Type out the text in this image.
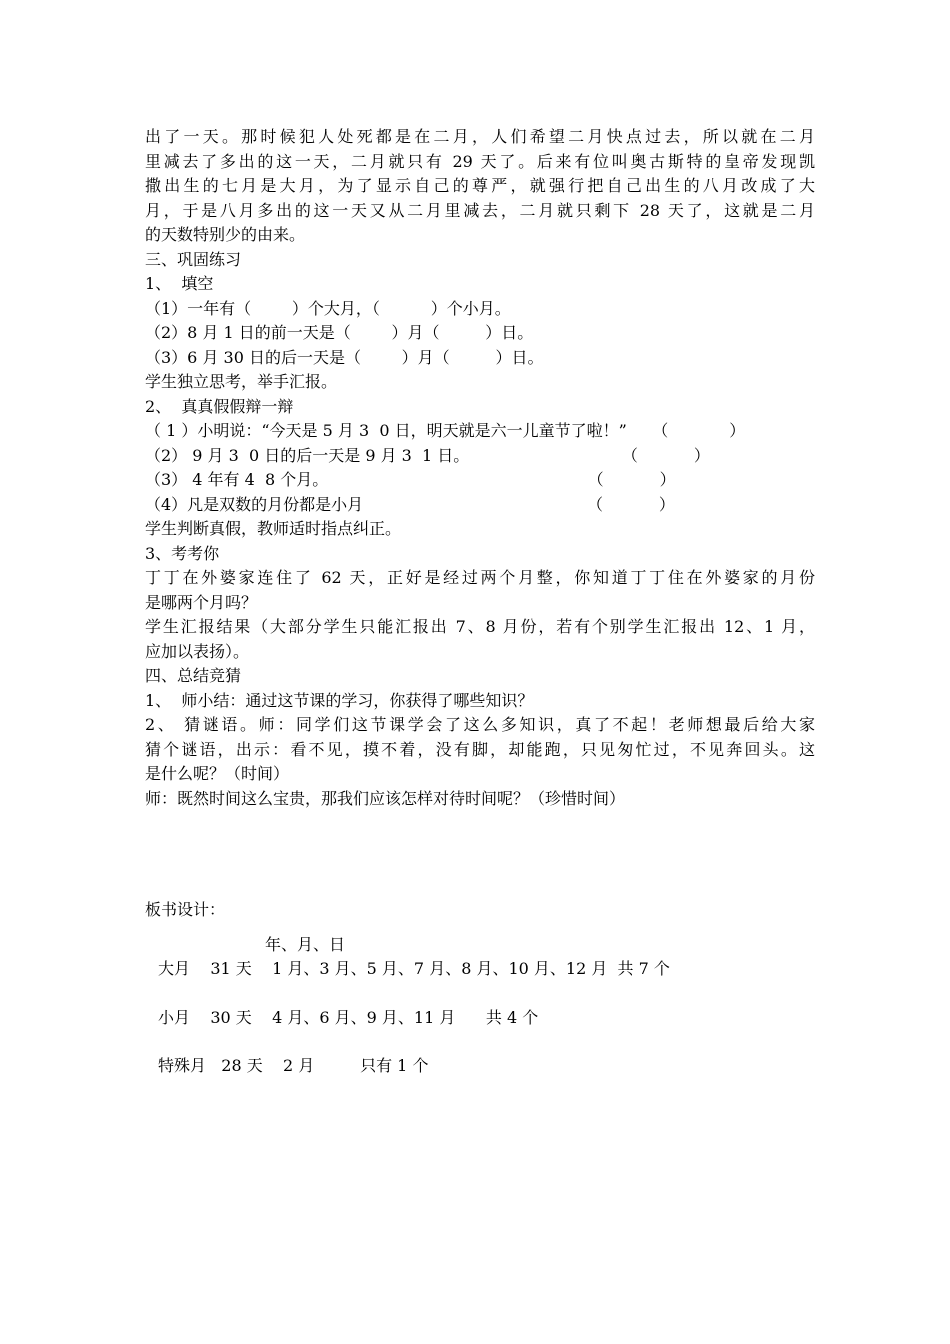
出了一天。那时候犯人处死都是在二月，人们希望二月快点过去，所以就在二月
里减去了多出的这一天，二月就只有 29 天了。后来有位叫奥古斯特的皇帝发现凯
撒出生的七月是大月，为了显示自己的尊严，就强行把自己出生的八月改成了大
月，于是八月多出的这一天又从二月里减去，二月就只剩下 28 天了，这就是二月
的天数特别少的由来。
三、巩固练习
1、  填空
（1）一年有（        ）个大月，（          ）个小月。
（2）8 月 1 日的前一天是（        ）月（         ）日。
（3）6 月 30 日的后一天是（        ）月（         ）日。
学生独立思考，举手汇报。
2、  真真假假辩一辩
（ 1 ）小明说：“今天是 5 月 3  0 日，明天就是六一儿童节了啦！”     （            ）
（2） 9 月 3  0 日的后一天是 9 月 3  1 日。                              （           ）
（3） 4 年有 4  8 个月。                                                   （           ）
（4）凡是双数的月份都是小月                                            （           ）
学生判断真假，教师适时指点纠正。
3、考考你
丁丁在外婆家连住了 62 天，正好是经过两个月整，你知道丁丁住在外婆家的月份
是哪两个月吗？
学生汇报结果（大部分学生只能汇报出 7、8 月份，若有个别学生汇报出 12、1 月，
应加以表扬）。
四、总结竞猜
1、  师小结：通过这节课的学习，你获得了哪些知识？
2、 猜谜语。师：同学们这节课学会了这么多知识，真了不起！老师想最后给大家
猜个谜语，出示：看不见，摸不着，没有脚，却能跑，只见匆忙过，不见奔回头。这
是什么呢？（时间）
师：既然时间这么宝贵，那我们应该怎样对待时间呢？（珍惜时间）
板书设计：
年、月、日
大月    31 天    1 月、3 月、5 月、7 月、8 月、10 月、12 月  共 7 个
小月    30 天    4 月、6 月、9 月、11 月      共 4 个
特殊月   28 天    2 月         只有 1 个
